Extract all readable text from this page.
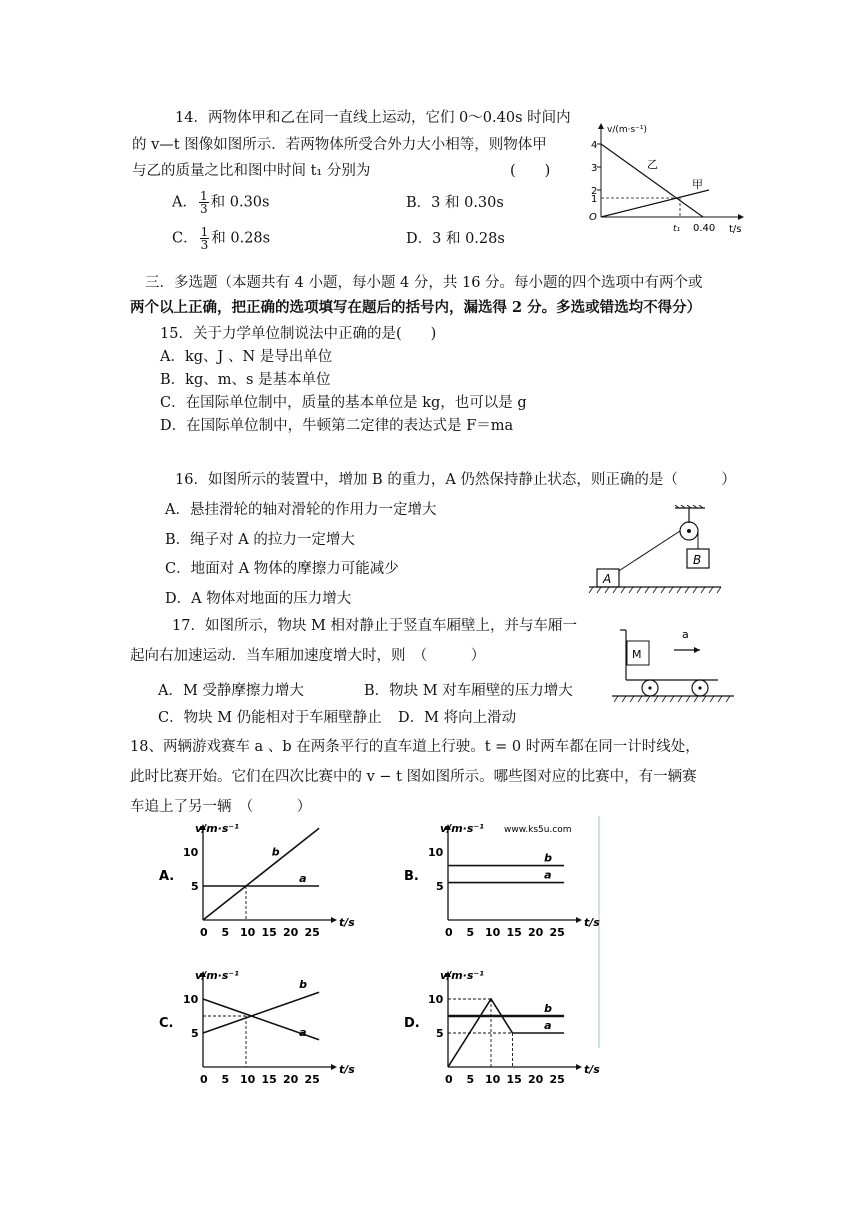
14．两物体甲和乙在同一直线上运动，它们 0～0.40s 时间内
的 v—t 图像如图所示．若两物体所受合外力大小相等，则物体甲
与乙的质量之比和图中时间 t₁ 分别为	(　　)
A． $\frac{1}{3}$ 和 0.30s	B．3 和 0.30s
C． $\frac{1}{3}$ 和 0.28s	D．3 和 0.28s
v/(m·s⁻¹)
t/s
4
3
2
1
O
t₁ 0.40
乙
甲
三．多选题（本题共有 4 小题，每小题 4 分，共 16 分。每小题的四个选项中有两个或
两个以上正确，把正确的选项填写在题后的括号内，漏选得 2 分。多选或错选均不得分）
15．关于力学单位制说法中正确的是(　　)
A．kg、J 、N 是导出单位
B．kg、m、s 是基本单位
C．在国际单位制中，质量的基本单位是 kg，也可以是 g
D．在国际单位制中，牛顿第二定律的表达式是 F＝ma
16．如图所示的装置中，增加 B 的重力，A 仍然保持静止状态，则正确的是（　　　）
A．悬挂滑轮的轴对滑轮的作用力一定增大
B．绳子对 A 的拉力一定增大
C．地面对 A 物体的摩擦力可能减少
D．A 物体对地面的压力增大
B
A
17．如图所示，物块 M 相对静止于竖直车厢壁上，并与车厢一
起向右加速运动．当车厢加速度增大时，则　（　　　）
A．M 受静摩擦力增大	B．物块 M 对车厢壁的压力增大
C．物块 M 仍能相对于车厢壁静止 D．M 将向上滑动
M
a
18、两辆游戏赛车 a 、b 在两条平行的直车道上行驶。t = 0 时两车都在同一计时线处，
此时比赛开始。它们在四次比赛中的 v − t 图如图所示。哪些图对应的比赛中，有一辆赛
车追上了另一辆　（　　　）
A.
v/m·s⁻¹
t/s
0 5 10 15 20 25
5
10
a
b
B.
v/m·s⁻¹
t/s
0 5 10 15 20 25
5
10
a
b
www.ks5u.com
C.
v/m·s⁻¹
t/s
0 5 10 15 20 25
5
10
a
b
D.
v/m·s⁻¹
t/s
0 5 10 15 20 25
5
10
a
b
